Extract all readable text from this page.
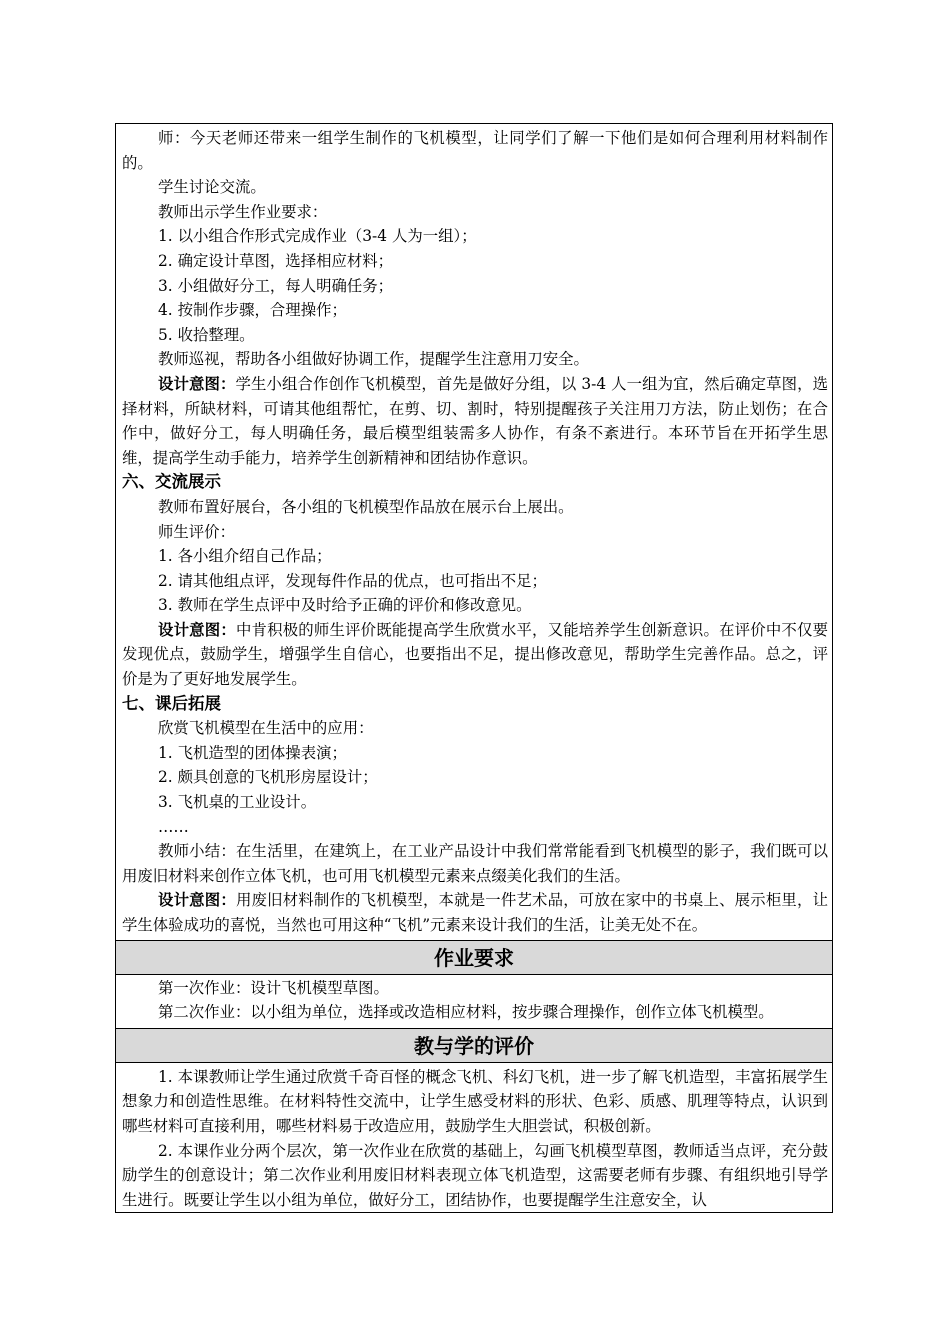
师：今天老师还带来一组学生制作的飞机模型，让同学们了解一下他们是如何合理利用材料制作的。
学生讨论交流。
教师出示学生作业要求：
1. 以小组合作形式完成作业（3-4 人为一组）；
2. 确定设计草图，选择相应材料；
3. 小组做好分工，每人明确任务；
4. 按制作步骤，合理操作；
5. 收拾整理。
教师巡视，帮助各小组做好协调工作，提醒学生注意用刀安全。
设计意图：学生小组合作创作飞机模型，首先是做好分组，以 3-4 人一组为宜，然后确定草图，选择材料，所缺材料，可请其他组帮忙，在剪、切、割时，特别提醒孩子关注用刀方法，防止划伤；在合作中，做好分工，每人明确任务，最后模型组装需多人协作，有条不紊进行。本环节旨在开拓学生思维，提高学生动手能力，培养学生创新精神和团结协作意识。
六、交流展示
教师布置好展台，各小组的飞机模型作品放在展示台上展出。
师生评价：
1. 各小组介绍自己作品；
2. 请其他组点评，发现每件作品的优点，也可指出不足；
3. 教师在学生点评中及时给予正确的评价和修改意见。
设计意图：中肯积极的师生评价既能提高学生欣赏水平，又能培养学生创新意识。在评价中不仅要发现优点，鼓励学生，增强学生自信心，也要指出不足，提出修改意见，帮助学生完善作品。总之，评价是为了更好地发展学生。
七、课后拓展
欣赏飞机模型在生活中的应用：
1. 飞机造型的团体操表演；
2. 颇具创意的飞机形房屋设计；
3. 飞机桌的工业设计。
……
教师小结：在生活里，在建筑上，在工业产品设计中我们常常能看到飞机模型的影子，我们既可以用废旧材料来创作立体飞机，也可用飞机模型元素来点缀美化我们的生活。
设计意图：用废旧材料制作的飞机模型，本就是一件艺术品，可放在家中的书桌上、展示柜里，让学生体验成功的喜悦，当然也可用这种“飞机”元素来设计我们的生活，让美无处不在。
作业要求
第一次作业：设计飞机模型草图。
第二次作业：以小组为单位，选择或改造相应材料，按步骤合理操作，创作立体飞机模型。
教与学的评价
1. 本课教师让学生通过欣赏千奇百怪的概念飞机、科幻飞机，进一步了解飞机造型，丰富拓展学生想象力和创造性思维。在材料特性交流中，让学生感受材料的形状、色彩、质感、肌理等特点，认识到哪些材料可直接利用，哪些材料易于改造应用，鼓励学生大胆尝试，积极创新。
2. 本课作业分两个层次，第一次作业在欣赏的基础上，勾画飞机模型草图，教师适当点评，充分鼓励学生的创意设计；第二次作业利用废旧材料表现立体飞机造型，这需要老师有步骤、有组织地引导学生进行。既要让学生以小组为单位，做好分工，团结协作，也要提醒学生注意安全，认
